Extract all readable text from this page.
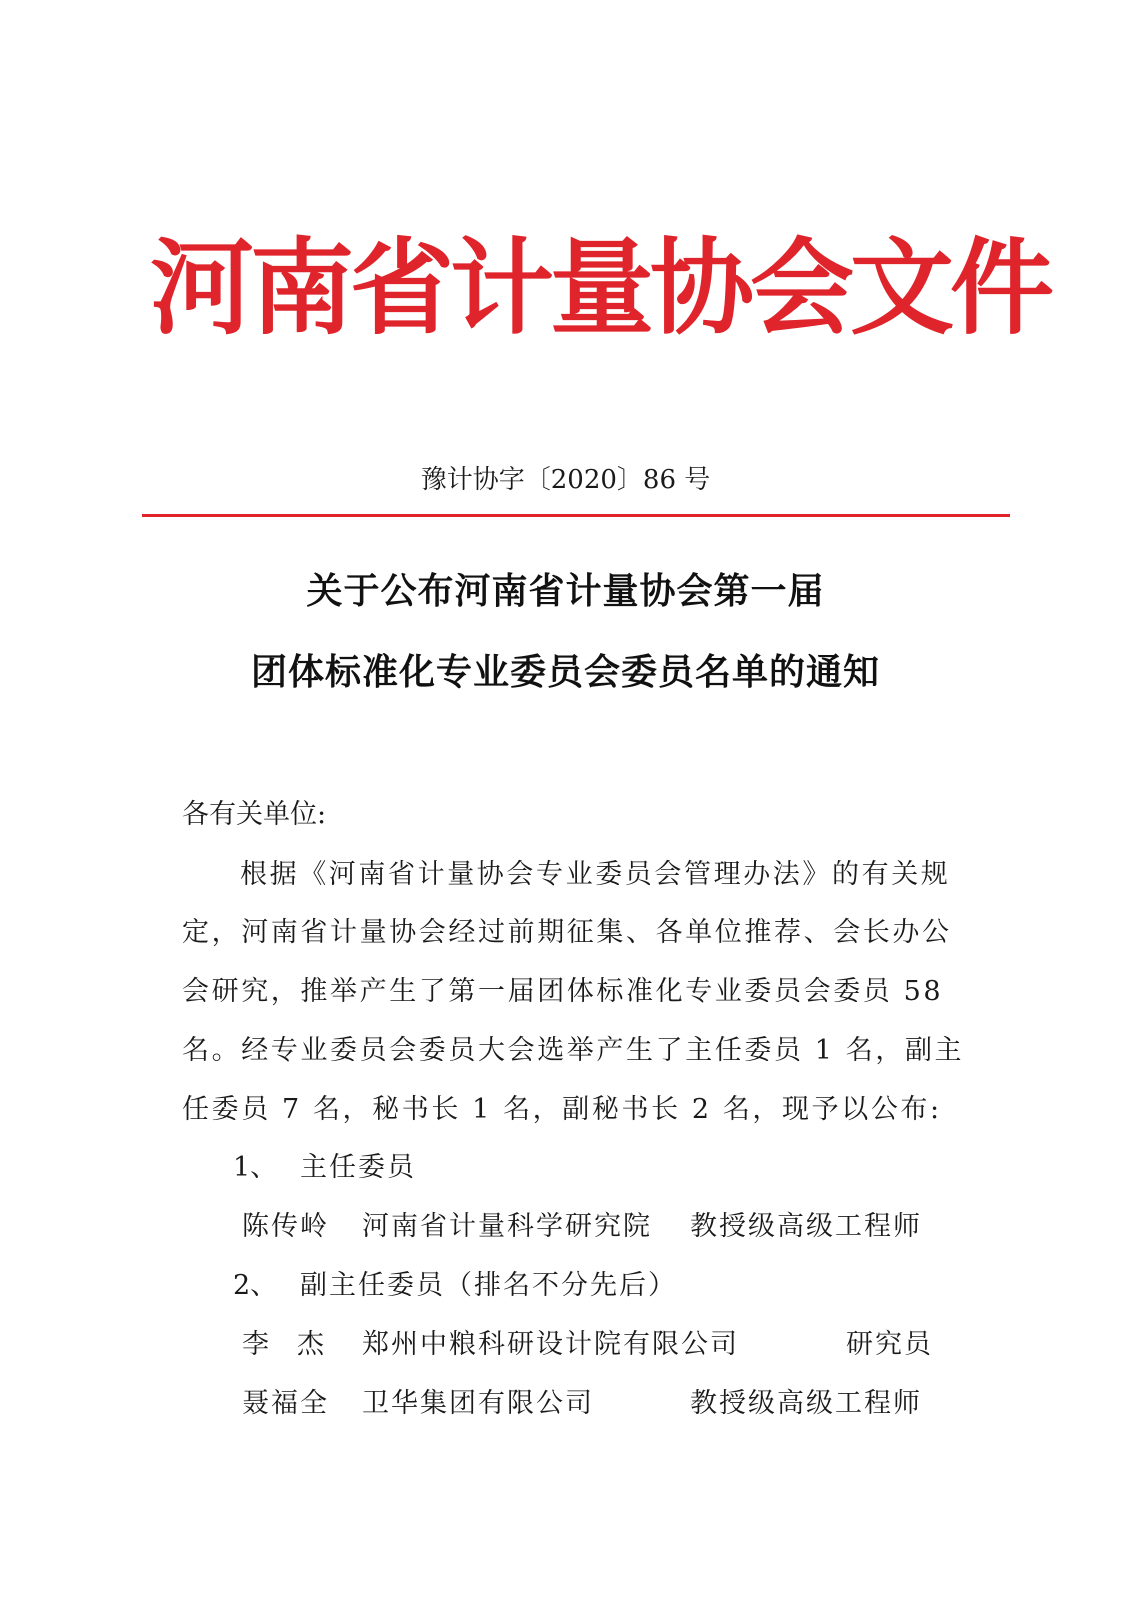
河南省计量协会文件
豫计协字〔2020〕86 号
关于公布河南省计量协会第一届
团体标准化专业委员会委员名单的通知
各有关单位:
根据《河南省计量协会专业委员会管理办法》的有关规
定，河南省计量协会经过前期征集、各单位推荐、会长办公
会研究，推举产生了第一届团体标准化专业委员会委员 58
名。经专业委员会委员大会选举产生了主任委员 1 名，副主
任委员 7 名，秘书长 1 名，副秘书长 2 名，现予以公布:
1、 主任委员
陈传岭 河南省计量科学研究院 教授级高级工程师
2、 副主任委员（排名不分先后）
李杰 郑州中粮科研设计院有限公司	研究员
聂福全 卫华集团有限公司	教授级高级工程师
